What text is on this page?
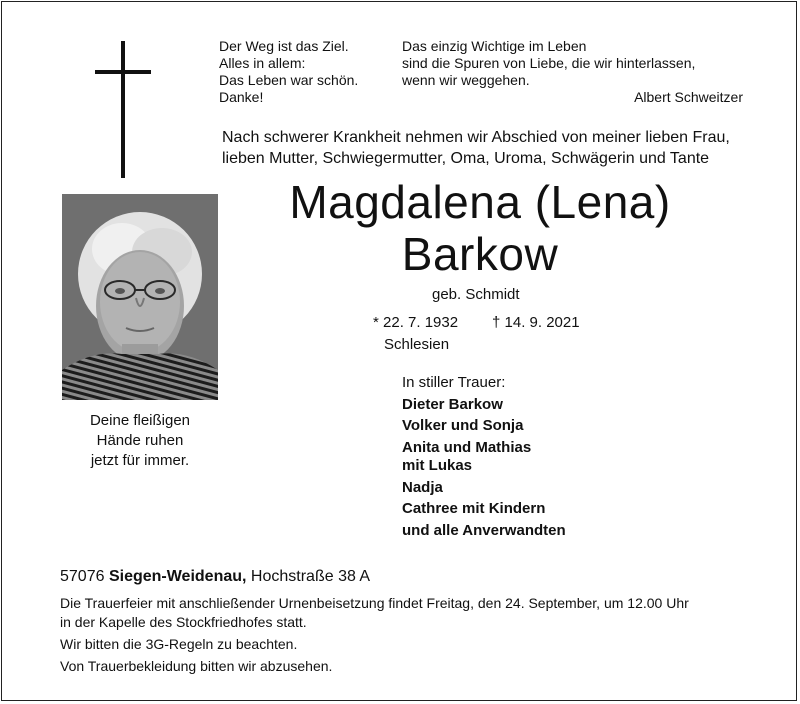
Der Weg ist das Ziel.
Alles in allem:
Das Leben war schön.
Danke!
Das einzig Wichtige im Leben
sind die Spuren von Liebe, die wir hinterlassen,
wenn wir weggehen.
Albert Schweitzer
Nach schwerer Krankheit nehmen wir Abschied von meiner lieben Frau,
lieben Mutter, Schwiegermutter, Oma, Uroma, Schwägerin und Tante
Magdalena (Lena)
Barkow
Deine fleißigen
Hände ruhen
jetzt für immer.
geb. Schmidt
* 22. 7. 1932 † 14. 9. 2021
Schlesien
In stiller Trauer:
Dieter Barkow
Volker und Sonja
Anita und Mathias
mit Lukas
Nadja
Cathree mit Kindern
und alle Anverwandten
57076 Siegen-Weidenau, Hochstraße 38 A
Die Trauerfeier mit anschließender Urnenbeisetzung findet Freitag, den 24. September, um 12.00 Uhr
in der Kapelle des Stockfriedhofes statt.
Wir bitten die 3G-Regeln zu beachten.
Von Trauerbekleidung bitten wir abzusehen.
